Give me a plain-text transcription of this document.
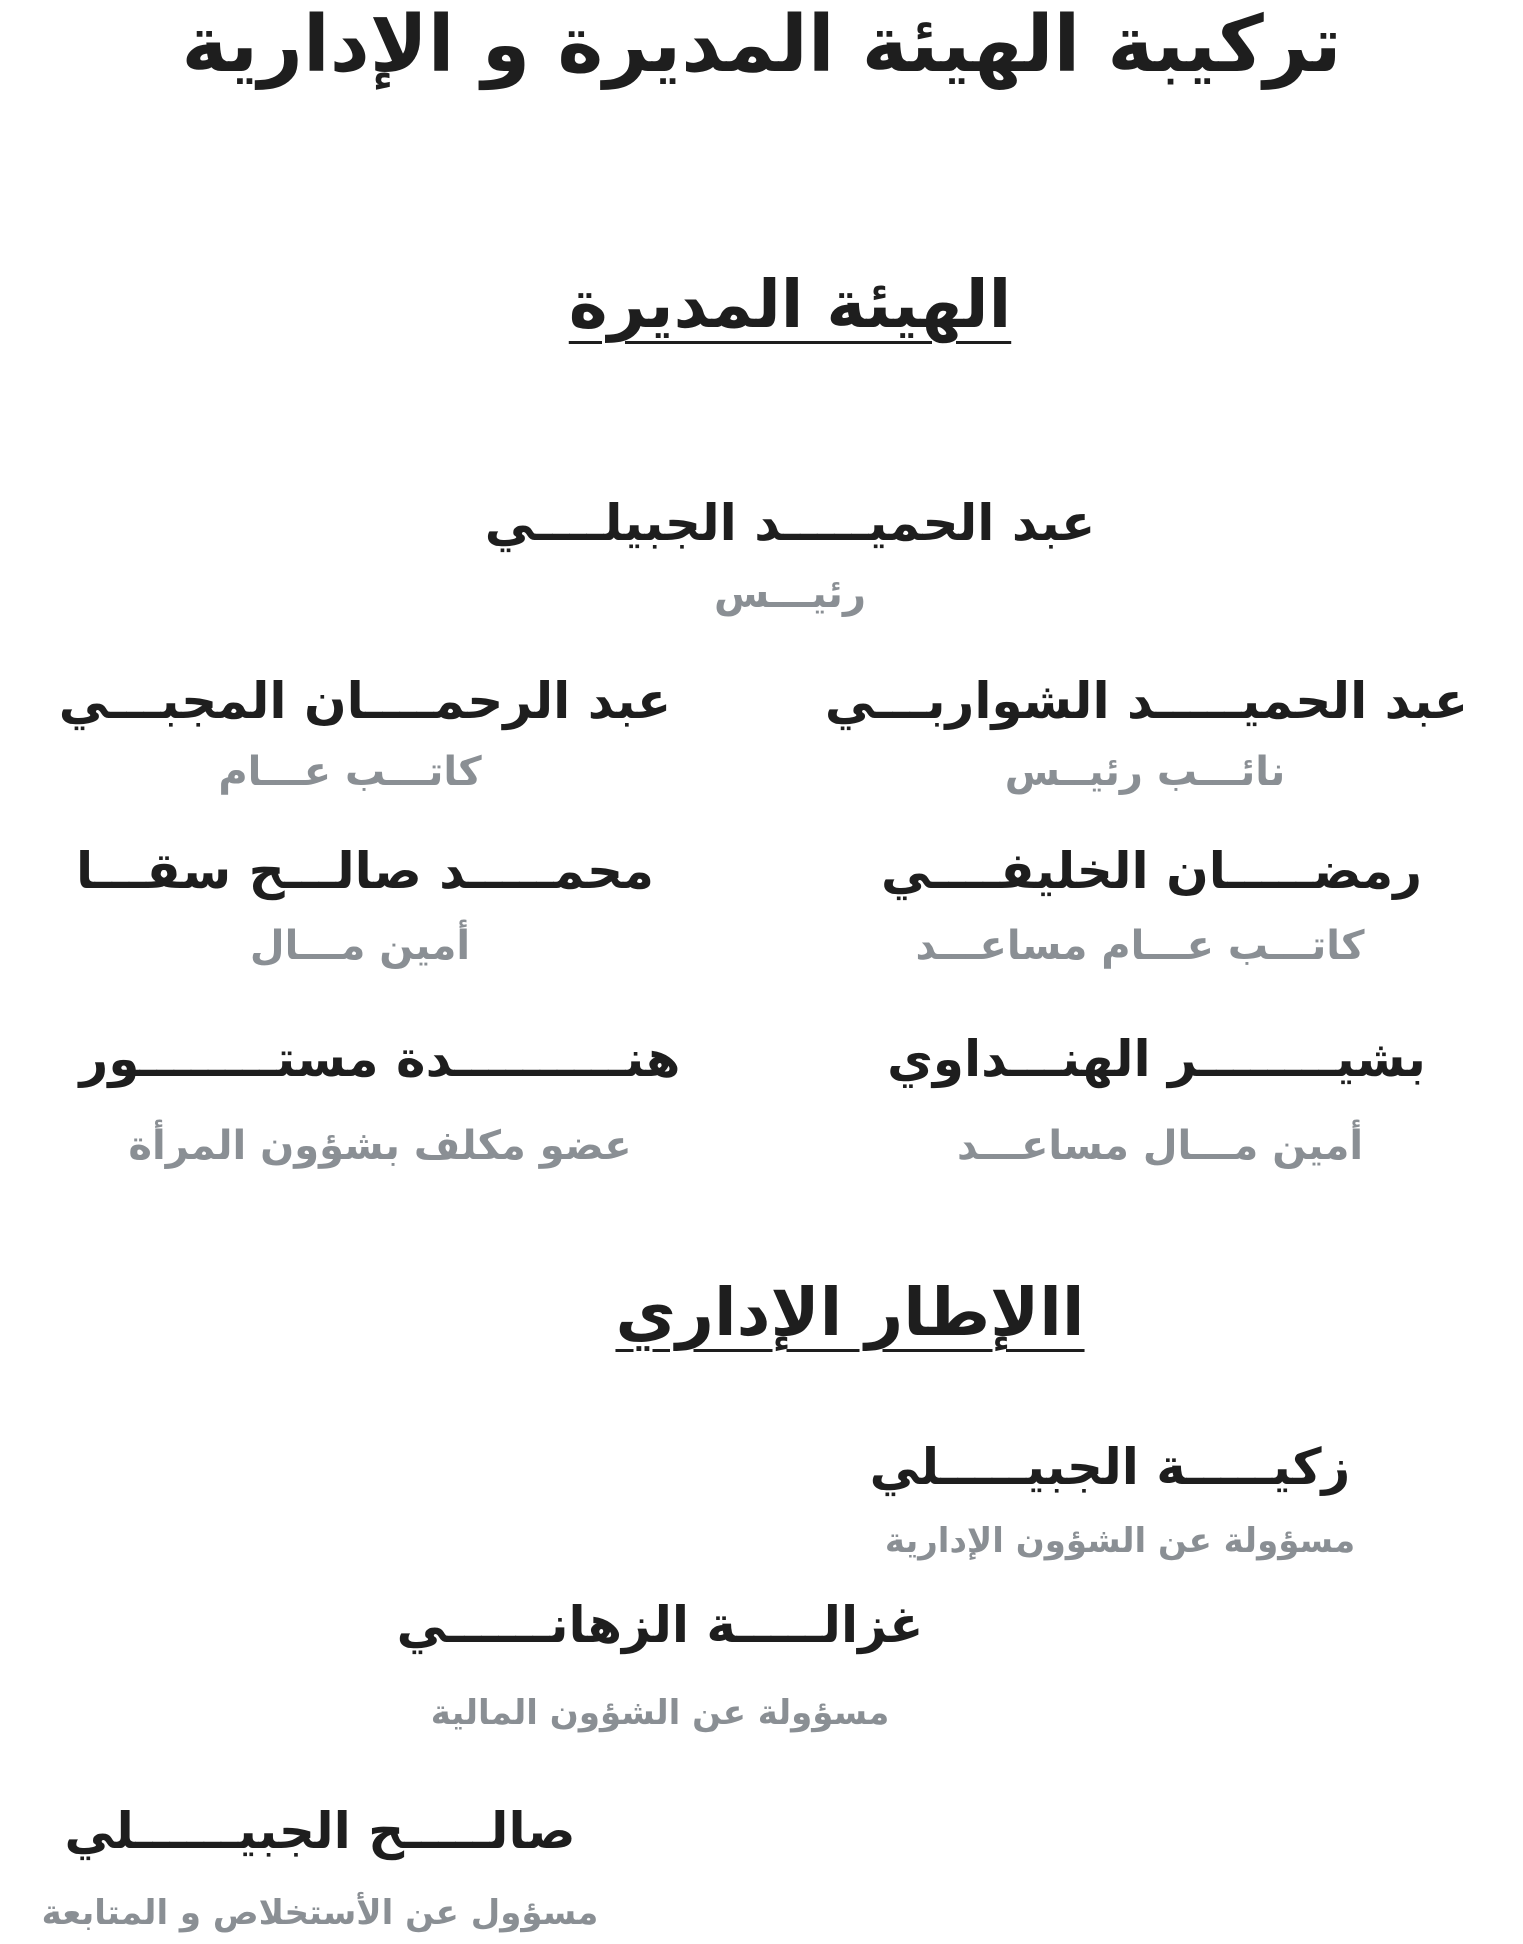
تركيبة الهيئة المديرة و الإدارية
الهيئة المديرة
عبد الحميـــــد الجبيلــــي
رئيـــس
عبد الحميـــــد الشواربـــي
نائـــب رئيــس
عبد الرحمــــان المجبـــي
كاتـــب عـــام
رمضـــــان الخليفــــي
كاتـــب عـــام مساعـــد
محمـــــد صالـــح سقـــا
أمين مـــال
بشيــــــــر الهنـــداوي
أمين مـــال مساعـــد
هنــــــــــدة مستــــــــور
عضو مكلف بشؤون المرأة
االإطار الإداري
زكيـــــة الجبيـــــلي
مسؤولة عن الشؤون الإدارية
غزالـــــة الزهانــــــي
مسؤولة عن الشؤون المالية
صالـــــح الجبيــــــلي
مسؤول عن الأستخلاص و المتابعة
